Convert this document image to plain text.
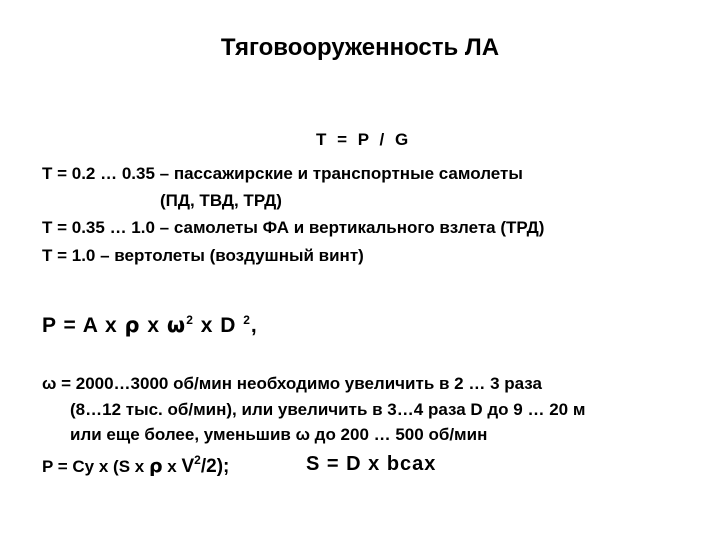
Тяговооруженность ЛА
T = P / G
T = 0.2 … 0.35 – пассажирские и транспортные самолеты
(ПД, ТВД, ТРД)
T = 0.35 … 1.0 – самолеты ФА и вертикального взлета (ТРД)
T = 1.0 – вертолеты (воздушный винт)
P = A x ρ x $\omega^2$ x D $^2$,
ω = 2000…3000 об/мин необходимо увеличить в 2 … 3 раза
(8…12 тыс. об/мин), или увеличить в 3…4 раза D до 9 … 20 м
или еще более, уменьшив ω до 200 … 500 об/мин
P = Cy x (S x ρ x $V^2/2$);	S = D x bcax
